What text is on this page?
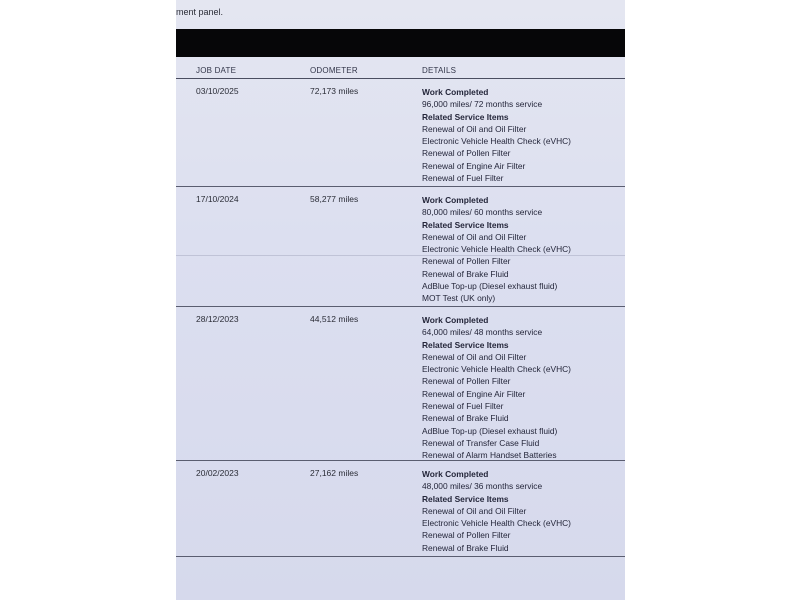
ment panel.
JOB DATE	ODOMETER	DETAILS
03/10/2025	72,173 miles	Work Completed
96,000 miles/ 72 months service
Related Service Items
Renewal of Oil and Oil Filter
Electronic Vehicle Health Check (eVHC)
Renewal of Pollen Filter
Renewal of Engine Air Filter
Renewal of Fuel Filter
17/10/2024	58,277 miles	Work Completed
80,000 miles/ 60 months service
Related Service Items
Renewal of Oil and Oil Filter
Electronic Vehicle Health Check (eVHC)
Renewal of Pollen Filter
Renewal of Brake Fluid
AdBlue Top-up (Diesel exhaust fluid)
MOT Test (UK only)
28/12/2023	44,512 miles	Work Completed
64,000 miles/ 48 months service
Related Service Items
Renewal of Oil and Oil Filter
Electronic Vehicle Health Check (eVHC)
Renewal of Pollen Filter
Renewal of Engine Air Filter
Renewal of Fuel Filter
Renewal of Brake Fluid
AdBlue Top-up (Diesel exhaust fluid)
Renewal of Transfer Case Fluid
Renewal of Alarm Handset Batteries
20/02/2023	27,162 miles	Work Completed
48,000 miles/ 36 months service
Related Service Items
Renewal of Oil and Oil Filter
Electronic Vehicle Health Check (eVHC)
Renewal of Pollen Filter
Renewal of Brake Fluid
